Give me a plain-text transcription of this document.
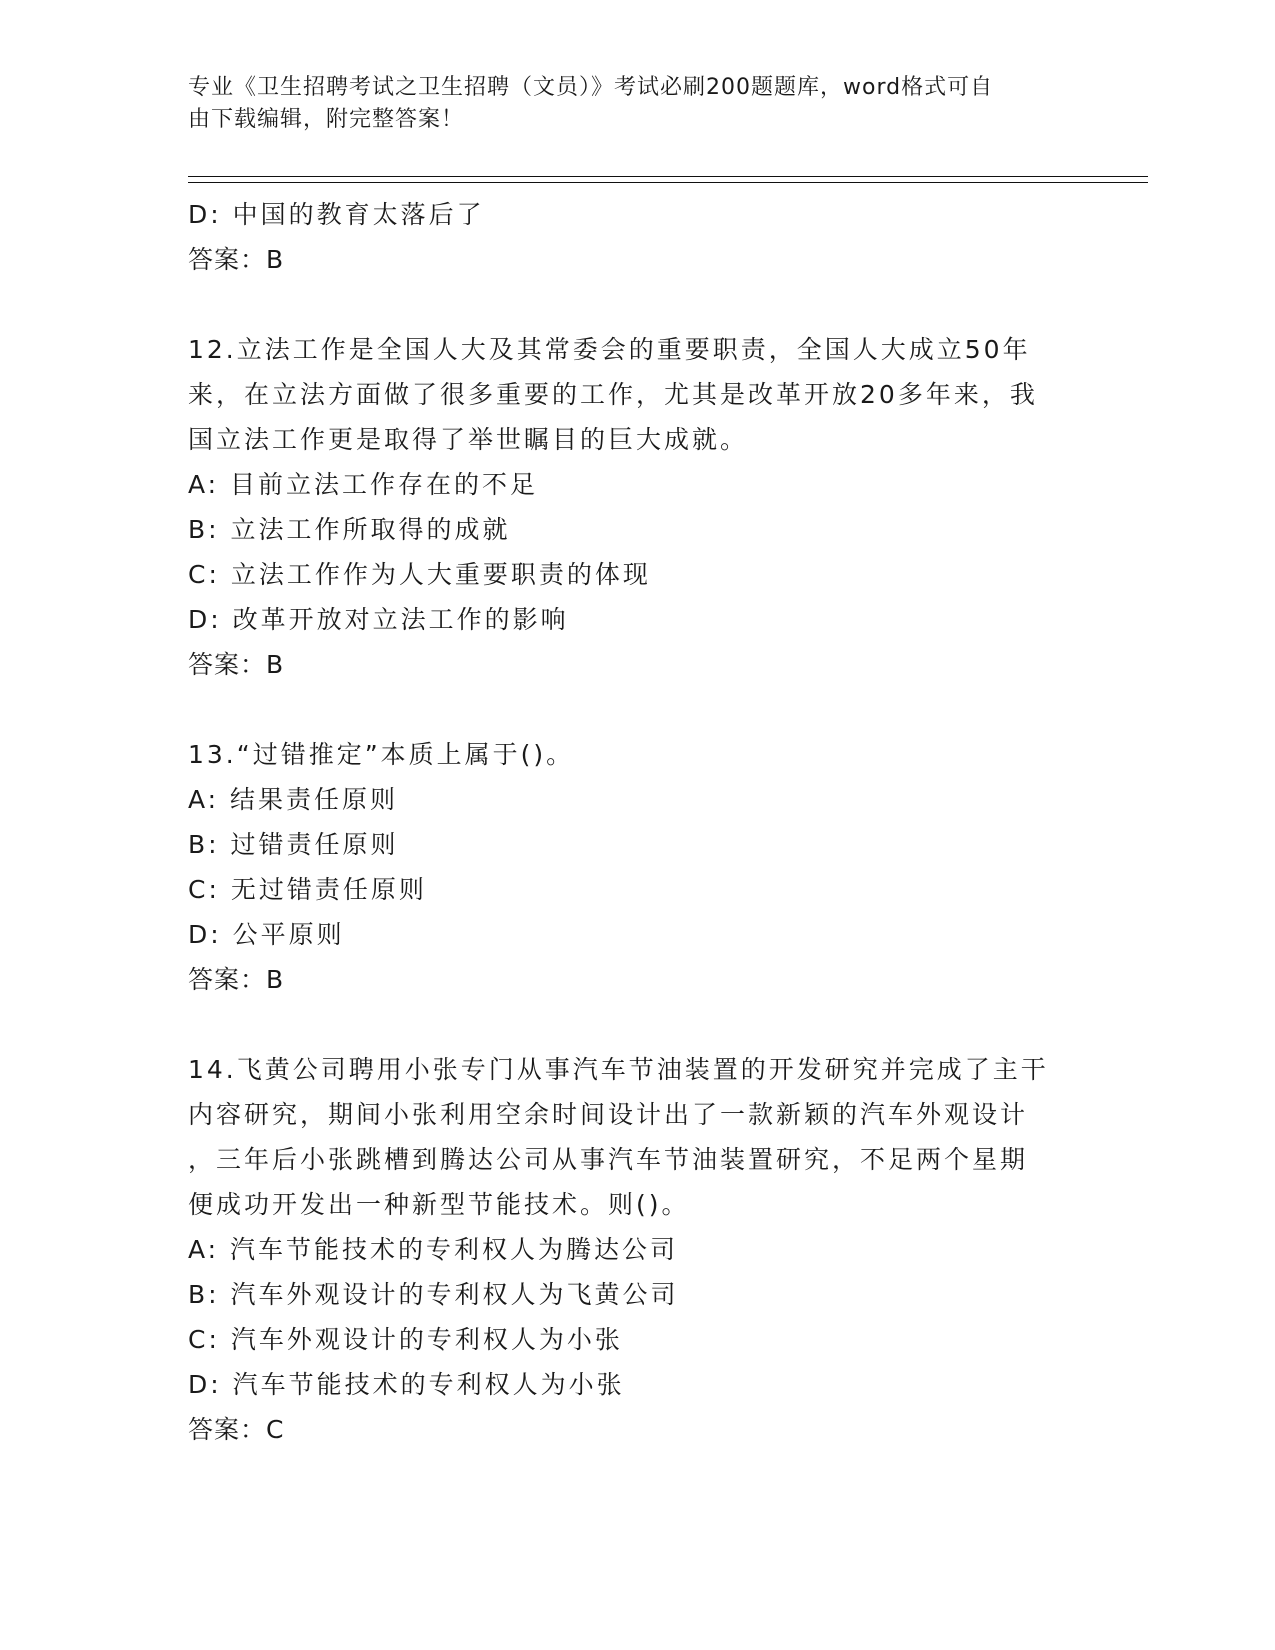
专业《卫生招聘考试之卫生招聘（文员）》考试必刷200题题库，word格式可自
由下载编辑，附完整答案！
D: 中国的教育太落后了
答案：B
12.立法工作是全国人大及其常委会的重要职责，全国人大成立50年
来，在立法方面做了很多重要的工作，尤其是改革开放20多年来，我
国立法工作更是取得了举世瞩目的巨大成就。
A: 目前立法工作存在的不足
B: 立法工作所取得的成就
C: 立法工作作为人大重要职责的体现
D: 改革开放对立法工作的影响
答案：B
13.“过错推定”本质上属于()。
A: 结果责任原则
B: 过错责任原则
C: 无过错责任原则
D: 公平原则
答案：B
14.飞黄公司聘用小张专门从事汽车节油装置的开发研究并完成了主干
内容研究，期间小张利用空余时间设计出了一款新颖的汽车外观设计
，三年后小张跳槽到腾达公司从事汽车节油装置研究，不足两个星期
便成功开发出一种新型节能技术。则()。
A: 汽车节能技术的专利权人为腾达公司
B: 汽车外观设计的专利权人为飞黄公司
C: 汽车外观设计的专利权人为小张
D: 汽车节能技术的专利权人为小张
答案：C
